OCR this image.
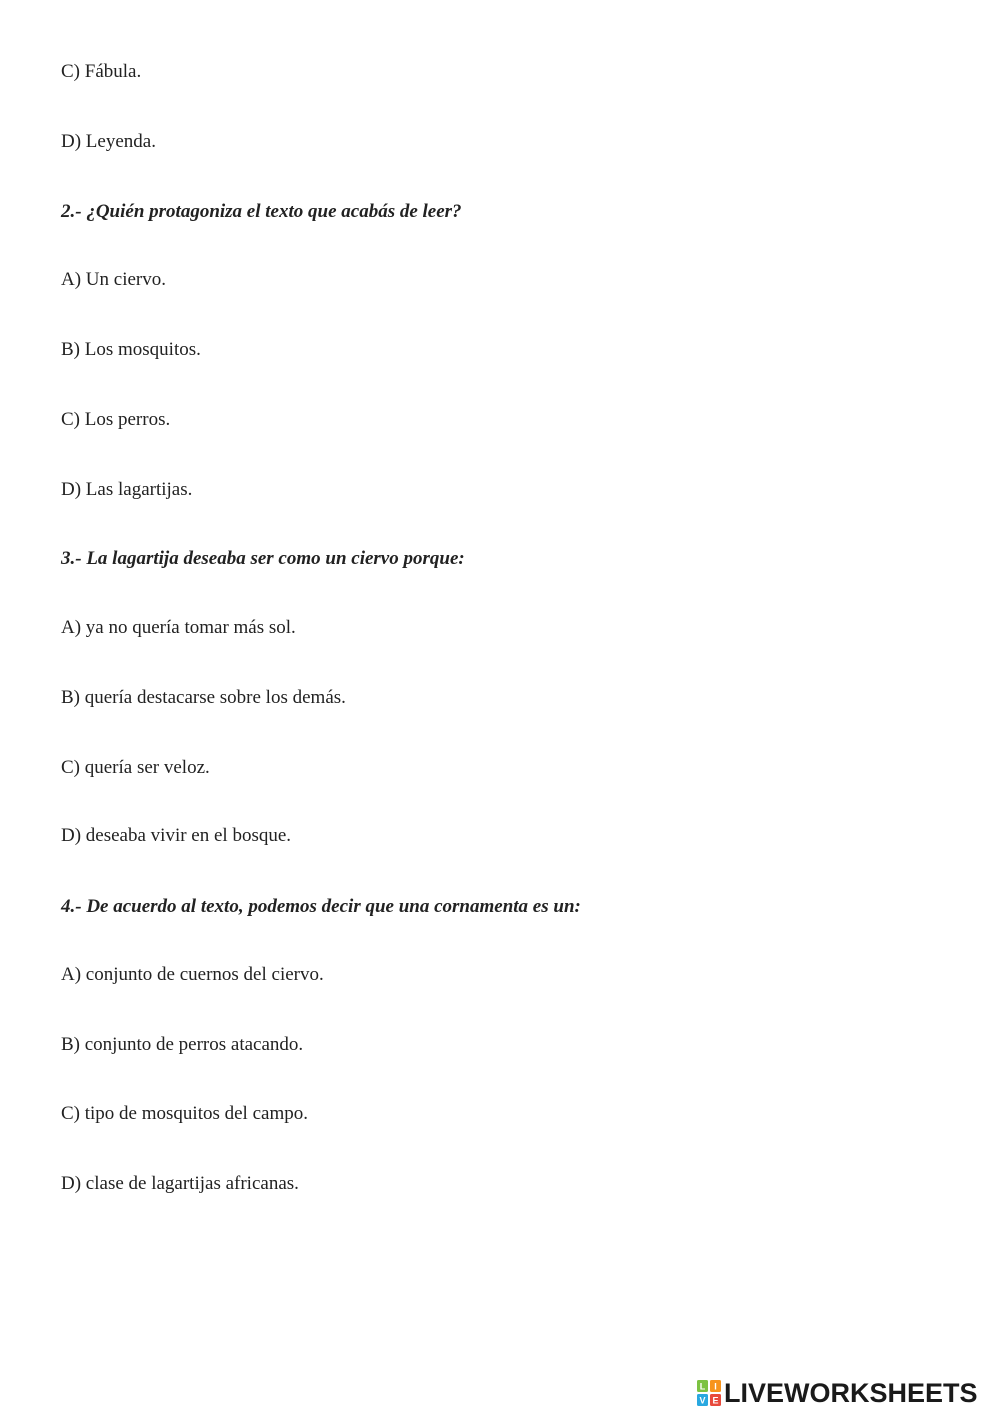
C) Fábula.
D) Leyenda.
2.- ¿Quién protagoniza el texto que acabás de leer?
A) Un ciervo.
B) Los mosquitos.
C) Los perros.
D) Las lagartijas.
3.- La lagartija deseaba ser como un ciervo porque:
A) ya no quería tomar más sol.
B) quería destacarse sobre los demás.
C) quería ser veloz.
D) deseaba vivir en el bosque.
4.- De acuerdo al texto, podemos decir que una cornamenta es un:
A) conjunto de cuernos del ciervo.
B) conjunto de perros atacando.
C) tipo de mosquitos del campo.
D) clase de lagartijas africanas.
L I
V E LIVEWORKSHEETS
